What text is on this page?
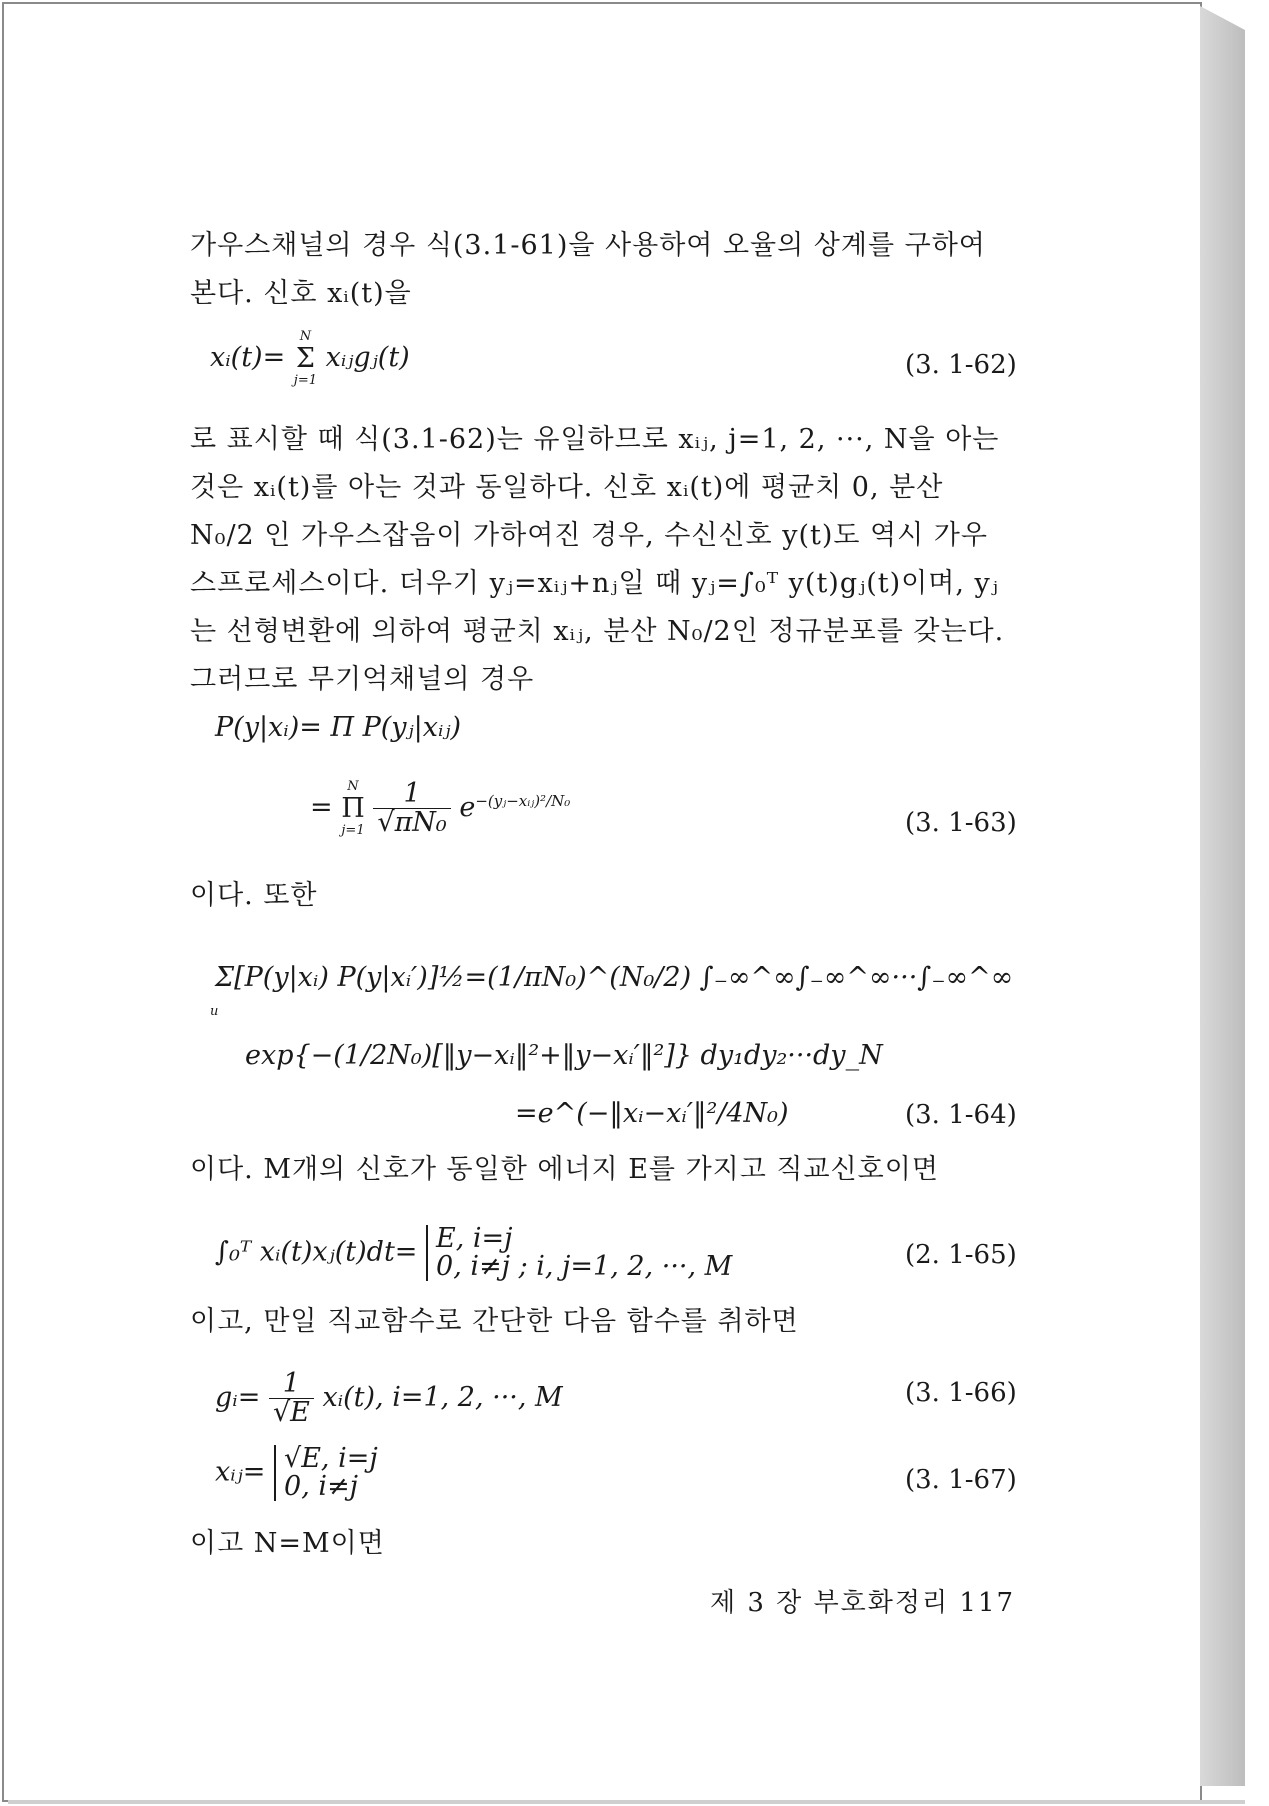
가우스채널의 경우 식(3.1-61)을 사용하여 오율의 상계를 구하여 본다. 신호 xᵢ(t)을
xᵢ(t)=
N
Σ
j=1
xᵢⱼgⱼ(t)	(3. 1-62)
로 표시할 때 식(3.1-62)는 유일하므로 xᵢⱼ, j=1, 2, ···, N을 아는 것은 xᵢ(t)를 아는 것과 동일하다. 신호 xᵢ(t)에 평균치 0, 분산 N₀/2 인 가우스잡음이 가하여진 경우, 수신신호 y(t)도 역시 가우스프로세스이다. 더우기 yⱼ=xᵢⱼ+nⱼ일 때 yⱼ=∫₀ᵀ y(t)gⱼ(t)이며, yⱼ는 선형변환에 의하여 평균치 xᵢⱼ, 분산 N₀/2인 정규분포를 갖는다. 그러므로 무기억채널의 경우
P(y|xᵢ)= Π P(yⱼ|xᵢⱼ)
=
N
Π
j=1
$\frac{1}{\text{√πN₀}} e^{-(yⱼ-xᵢⱼ)^2/N_0}$
(3. 1-63)
이다. 또한
Σ[P(y|xᵢ) P(y|xᵢ′)]½=(1/πN₀)^(N₀/2) ∫₋∞^∞∫₋∞^∞···∫₋∞^∞
u
exp{−(1/2N₀)[‖y−xᵢ‖²+‖y−xᵢ′‖²]} dy₁dy₂···dy_N
=e^(−‖xᵢ−xᵢ′‖²/4N₀)	(3. 1-64)
이다. M개의 신호가 동일한 에너지 E를 가지고 직교신호이면
∫₀ᵀ xᵢ(t)xⱼ(t)dt= E, i=j
0, i≠j ; i, j=1, 2, ···, M	(2. 1-65)
이고, 만일 직교함수로 간단한 다음 함수를 취하면
gᵢ= $\frac{1}{√E}$ xᵢ(t), i=1, 2, ···, M	(3. 1-66)
xᵢⱼ= √E, i=j
0, i≠j	(3. 1-67)
이고 N=M이면
제 3 장 부호화정리 117
